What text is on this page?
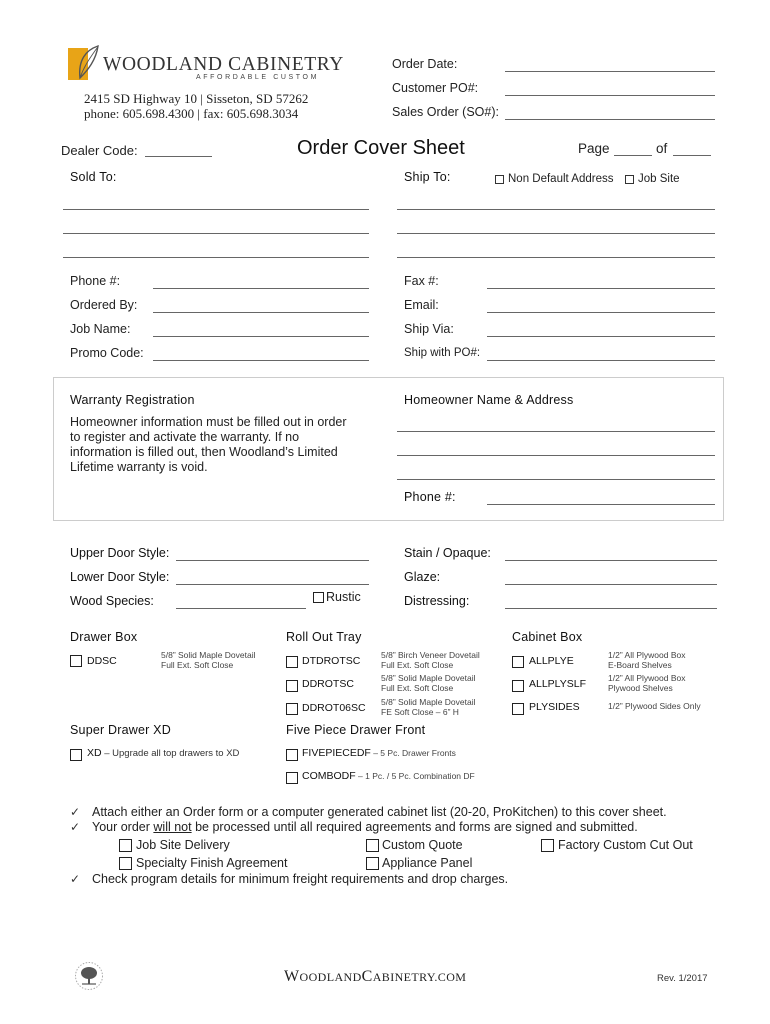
WOODLAND CABINETRY
AFFORDABLE CUSTOM
2415 SD Highway 10 | Sisseton, SD 57262
phone: 605.698.4300 | fax: 605.698.3034
Order Date:
Customer PO#:
Sales Order (SO#):
Dealer Code:	Order Cover Sheet	Page	of
Sold To:	Ship To:	Non Default Address Job Site
Phone #:
Ordered By:
Job Name:
Promo Code:
Fax #:
Email:
Ship Via:
Ship with PO#:
Warranty Registration
Homeowner information must be filled out in order
to register and activate the warranty. If no
information is filled out, then Woodland’s Limited
Lifetime warranty is void.
Homeowner Name & Address
Phone #:
Upper Door Style:
Lower Door Style:
Wood Species:	Rustic
Stain / Opaque:
Glaze:
Distressing:
Drawer Box
DDSC	5/8” Solid Maple Dovetail
Full Ext. Soft Close
Roll Out Tray
DTDROTSC 5/8” Birch Veneer Dovetail
Full Ext. Soft Close
DDROTSC	5/8” Solid Maple Dovetail
Full Ext. Soft Close
DDROT06SC 5/8” Solid Maple Dovetail
FE Soft Close – 6” H
Cabinet Box
ALLPLYE	1/2” All Plywood Box
E-Board Shelves
ALLPLYSLF	1/2” All Plywood Box
Plywood Shelves
PLYSIDES	1/2” Plywood Sides Only
Super Drawer XD
XD – Upgrade all top drawers to XD
Five Piece Drawer Front
FIVEPIECEDF – 5 Pc. Drawer Fronts
COMBODF – 1 Pc. / 5 Pc. Combination DF
✓ Attach either an Order form or a computer generated cabinet list (20-20, ProKitchen) to this cover sheet.
✓ Your order will not be processed until all required agreements and forms are signed and submitted.
Job Site Delivery
Specialty Finish Agreement
Custom Quote
Appliance Panel
Factory Custom Cut Out
✓ Check program details for minimum freight requirements and drop charges.
WOODLANDCABINETRY.COM	Rev. 1/2017
